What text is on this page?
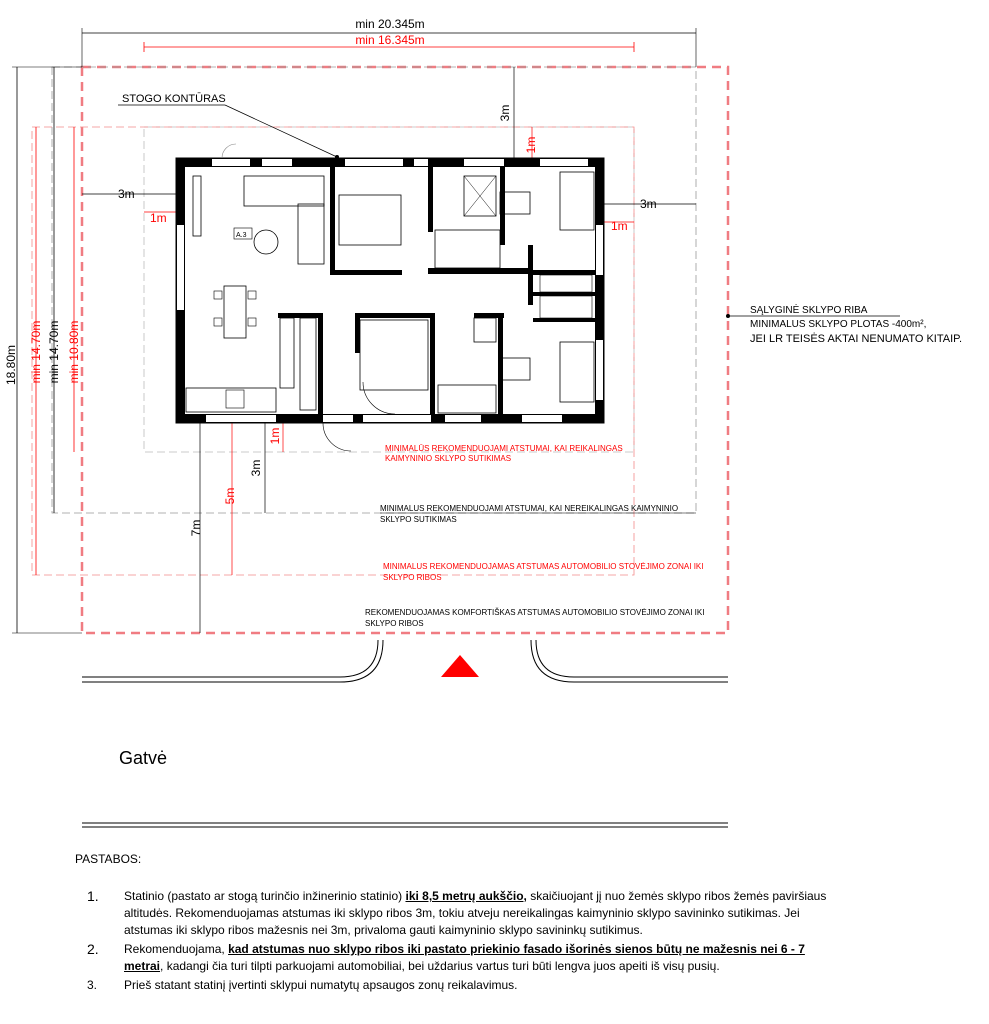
min 20.345m
min 16.345m
18.80m min 14.70m min 14.70m min 10.80m
3m
1m
3m
1m
3m
1m
3m
1m
5m
7m
A.3
STOGO KONTŪRAS
SĄLYGINĖ SKLYPO RIBA
MINIMALUS SKLYPO PLOTAS -400m²,
JEI LR TEISĖS AKTAI NENUMATO KITAIP.
MINIMALŪS REKOMENDUOJAMI ATSTUMAI, KAI REIKALINGAS
KAIMYNINIO SKLYPO SUTIKIMAS
MINIMALUS REKOMENDUOJAMI ATSTUMAI, KAI NEREIKALINGAS KAIMYNINIO
SKLYPO SUTIKIMAS
MINIMALUS REKOMENDUOJAMAS ATSTUMAS AUTOMOBILIO STOVĖJIMO ZONAI IKI
SKLYPO RIBOS
REKOMENDUOJAMAS KOMFORTIŠKAS ATSTUMAS AUTOMOBILIO STOVĖJIMO ZONAI IKI
SKLYPO RIBOS
Gatvė
PASTABOS:
1.	Statinio (pastato ar stogą turinčio inžinerinio statinio) iki 8,5 metrų aukščio, skaičiuojant jį nuo žemės sklypo ribos žemės paviršiaus altitudės. Rekomenduojamas atstumas iki sklypo ribos 3m, tokiu atveju nereikalingas kaimyninio sklypo savininko sutikimas. Jei atstumas iki sklypo ribos mažesnis nei 3m, privaloma gauti kaimyninio sklypo savininkų sutikimus.
2.	Rekomenduojama, kad atstumas nuo sklypo ribos iki pastato priekinio fasado išorinės sienos būtų ne mažesnis nei 6 - 7 metrai, kadangi čia turi tilpti parkuojami automobiliai, bei uždarius vartus turi būti lengva juos apeiti iš visų pusių.
3.	Prieš statant statinį įvertinti sklypui numatytų apsaugos zonų reikalavimus.
